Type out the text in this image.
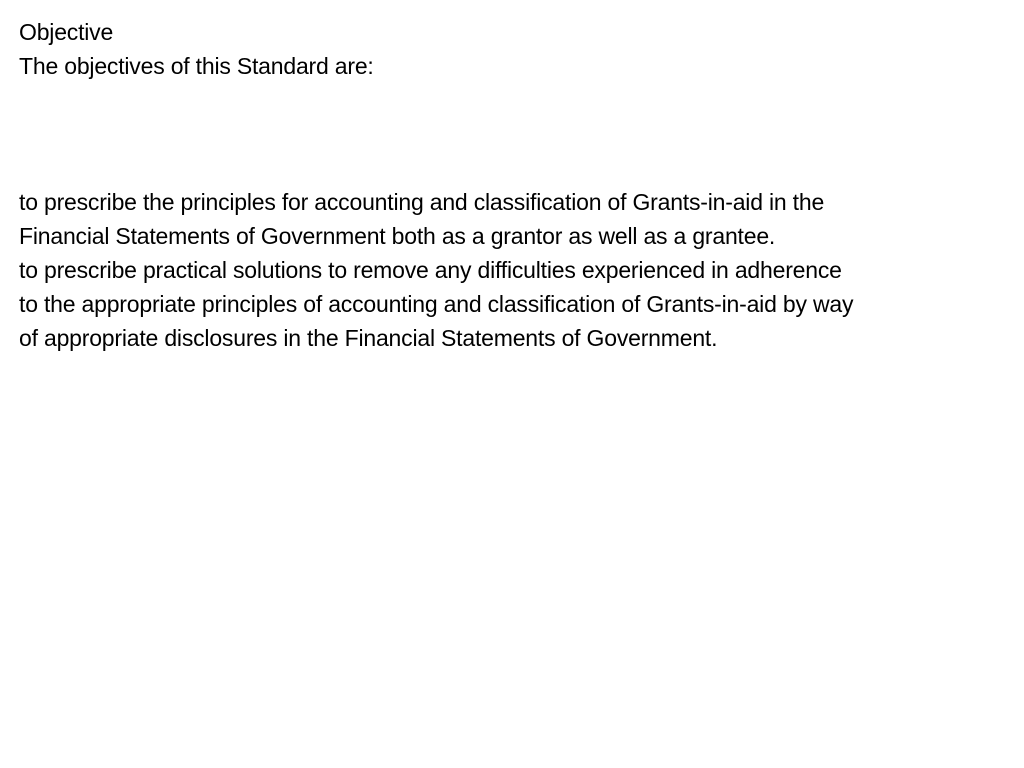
Objective
The objectives of this Standard are:
to prescribe the principles for accounting and classification of Grants-in-aid in the
Financial Statements of Government both as a grantor as well as a grantee.
to prescribe practical solutions to remove any difficulties experienced in adherence
to the appropriate principles of accounting and classification of Grants-in-aid by way
of appropriate disclosures in the Financial Statements of Government.
